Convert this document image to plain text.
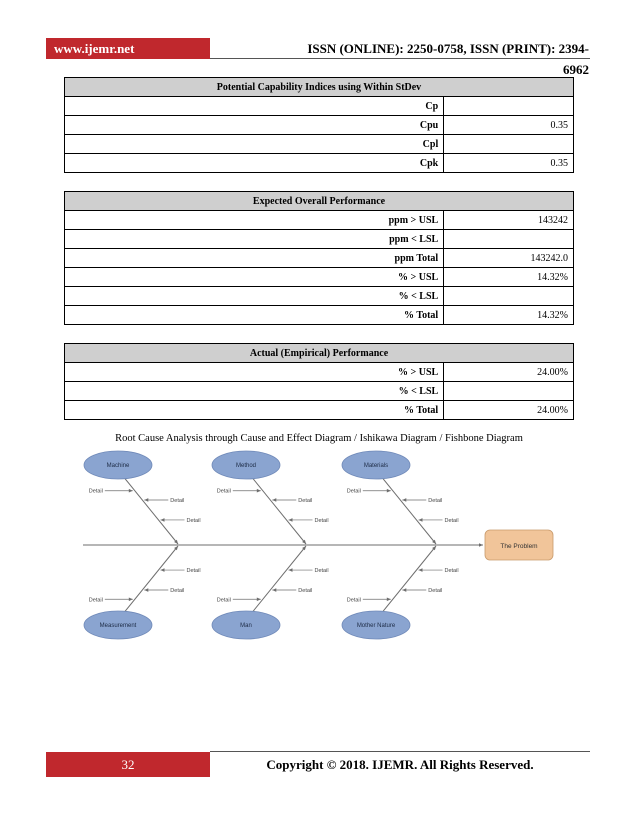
www.ijemr.net	ISSN (ONLINE): 2250-0758, ISSN (PRINT): 2394-6962
Potential Capability Indices using Within StDev	
Cp	
Cpu	0.35
Cpl	
Cpk	0.35
Expected Overall Performance	
ppm > USL	143242
ppm < LSL	
ppm Total	143242.0
% > USL	14.32%
% < LSL	
% Total	14.32%
Actual (Empirical) Performance	
% > USL	24.00%
% < LSL	
% Total	24.00%
Root Cause Analysis through Cause and Effect Diagram / Ishikawa Diagram / Fishbone Diagram
The Problem
Machine
Detail
Detail
Detail
Measurement
Detail
Detail
Detail
Method
Detail
Detail
Detail
Man
Detail
Detail
Detail
Materials
Detail
Detail
Detail
Mother Nature
Detail
Detail
Detail
32	Copyright © 2018. IJEMR. All Rights Reserved.
